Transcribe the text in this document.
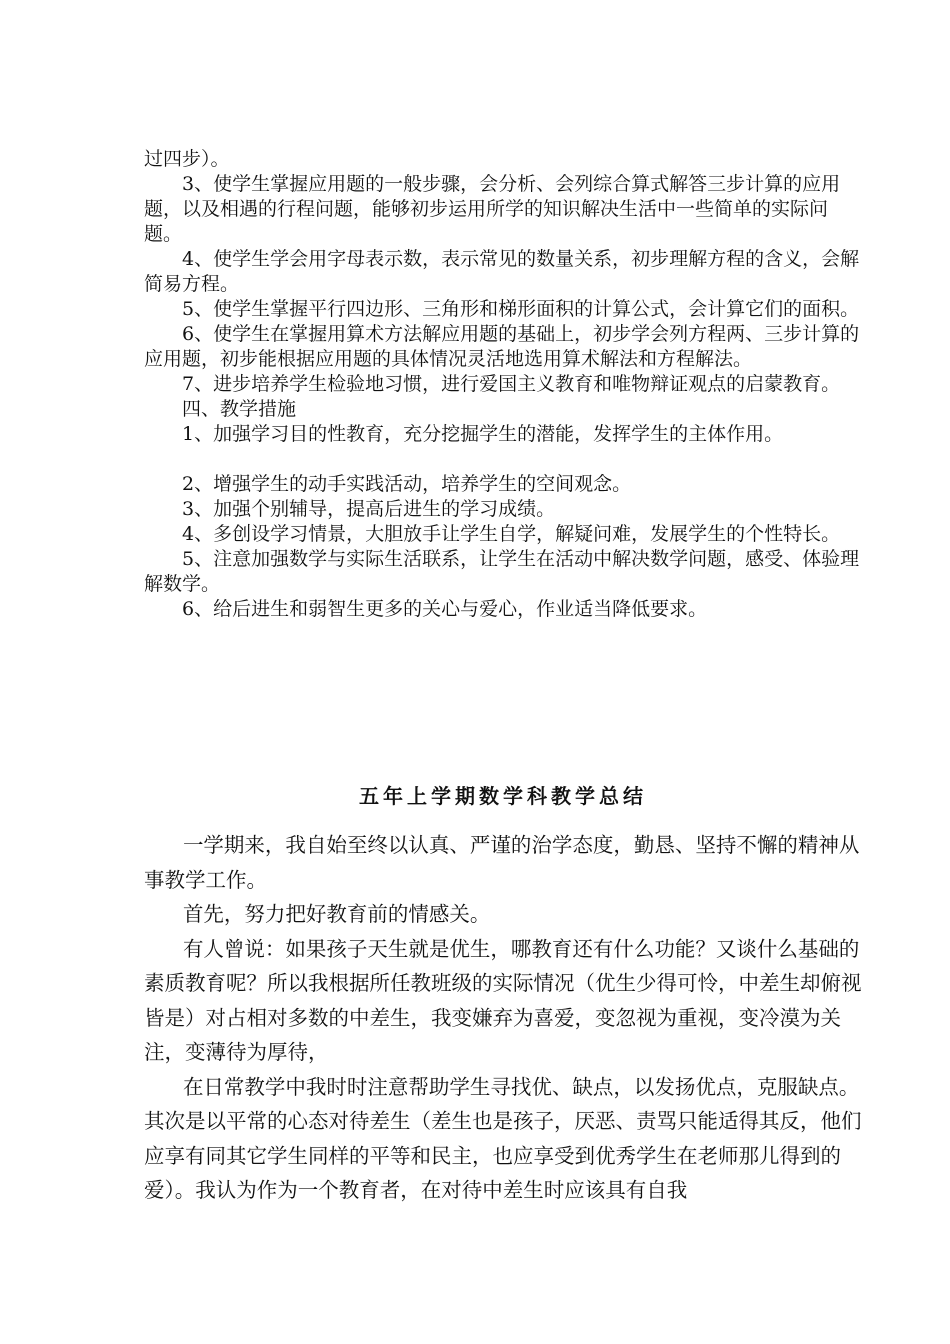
过四步）。

3、使学生掌握应用题的一般步骤，会分析、会列综合算式解答三步计算的应用题，以及相遇的行程问题，能够初步运用所学的知识解决生活中一些简单的实际问题。

4、使学生学会用字母表示数，表示常见的数量关系，初步理解方程的含义，会解简易方程。

5、使学生掌握平行四边形、三角形和梯形面积的计算公式，会计算它们的面积。

6、使学生在掌握用算术方法解应用题的基础上，初步学会列方程两、三步计算的应用题，初步能根据应用题的具体情况灵活地选用算术解法和方程解法。

7、进步培养学生检验地习惯，进行爱国主义教育和唯物辩证观点的启蒙教育。

四、教学措施

1、加强学习目的性教育，充分挖掘学生的潜能，发挥学生的主体作用。

2、增强学生的动手实践活动，培养学生的空间观念。

3、加强个别辅导，提高后进生的学习成绩。

4、多创设学习情景，大胆放手让学生自学，解疑问难，发展学生的个性特长。

5、注意加强数学与实际生活联系，让学生在活动中解决数学问题，感受、体验理解数学。

6、给后进生和弱智生更多的关心与爱心，作业适当降低要求。

五年上学期数学科教学总结

一学期来，我自始至终以认真、严谨的治学态度，勤恳、坚持不懈的精神从事教学工作。

首先，努力把好教育前的情感关。

有人曾说：如果孩子天生就是优生，哪教育还有什么功能？又谈什么基础的素质教育呢？所以我根据所任教班级的实际情况（优生少得可怜，中差生却俯视皆是）对占相对多数的中差生，我变嫌弃为喜爱，变忽视为重视，变冷漠为关注，变薄待为厚待，

在日常教学中我时时注意帮助学生寻找优、缺点，以发扬优点，克服缺点。其次是以平常的心态对待差生（差生也是孩子，厌恶、责骂只能适得其反，他们应享有同其它学生同样的平等和民主，也应享受到优秀学生在老师那儿得到的爱）。我认为作为一个教育者，在对待中差生时应该具有自我
